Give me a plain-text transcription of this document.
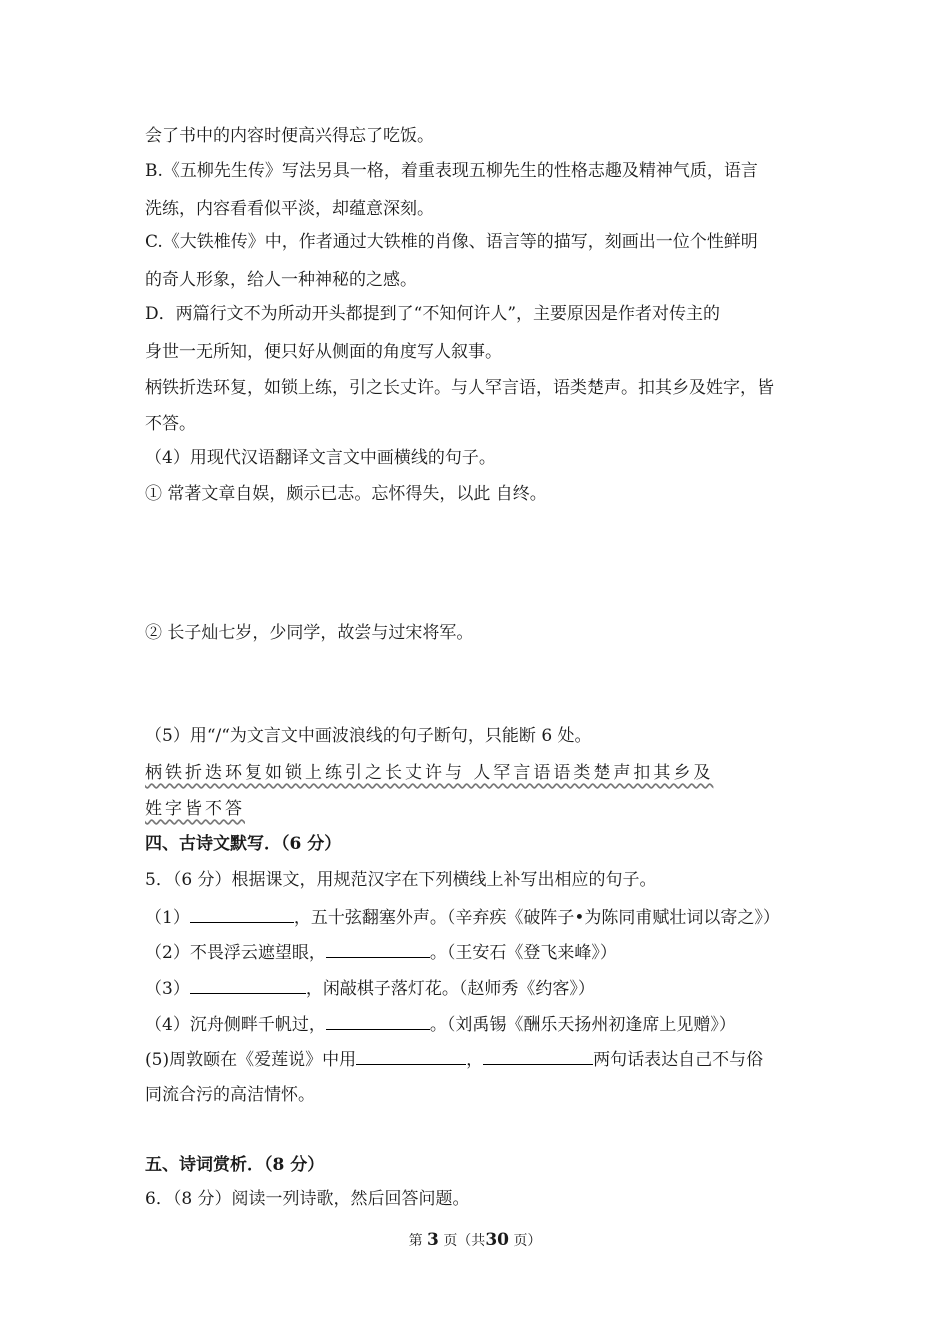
会了书中的内容时便高兴得忘了吃饭。
B.《五柳先生传》写法另具一格，着重表现五柳先生的性格志趣及精神气质，语言
洗练，内容看看似平淡，却蕴意深刻。
C.《大铁椎传》中，作者通过大铁椎的肖像、语言等的描写，刻画出一位个性鲜明
的奇人形象，给人一种神秘的之感。
D．两篇行文不为所动开头都提到了“不知何许人”，主要原因是作者对传主的
身世一无所知，便只好从侧面的角度写人叙事。
柄铁折迭环复，如锁上练，引之长丈许。与人罕言语，语类楚声。扣其乡及姓字，皆
不答。
（4）用现代汉语翻译文言文中画横线的句子。
① 常著文章自娱，颇示已志。忘怀得失，以此 自终。
② 长子灿七岁，少同学，故尝与过宋将军。
（5）用“/“为文言文中画波浪线的句子断句，只能断 6 处。
柄铁折迭环复如锁上练引之长丈许与 人罕言语语类楚声扣其乡及
姓字皆不答
四、古诗文默写．（6 分）
5．（6 分）根据课文，用规范汉字在下列横线上补写出相应的句子。
（1）	，五十弦翻塞外声。（辛弃疾《破阵子•为陈同甫赋壮词以寄之》）
（2）不畏浮云遮望眼，	。（王安石《登飞来峰》）
（3）	，闲敲棋子落灯花。（赵师秀《约客》）
（4）沉舟侧畔千帆过，	。（刘禹锡《酬乐天扬州初逢席上见赠》）
(5)周敦颐在《爱莲说》中用	，	两句话表达自己不与俗
同流合污的高洁情怀。
五、诗词赏析．（8 分）
6．（8 分）阅读一列诗歌，然后回答问题。
第 3 页（共30 页）
